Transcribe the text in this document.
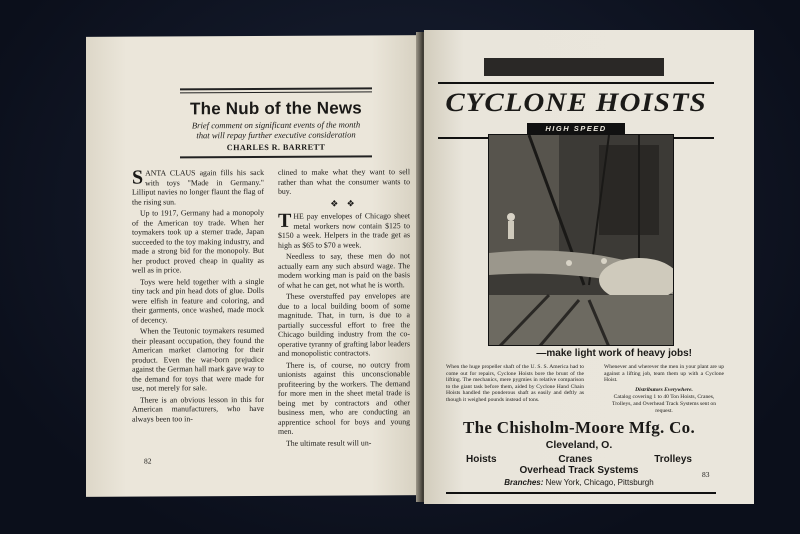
The Nub of the News
Brief comment on significant events of the month
that will repay further executive consideration
CHARLES R. BARRETT

SANTA CLAUS again fills his sack with toys "Made in Germany." Lilliput navies no longer flaunt the flag of the rising sun.

Up to 1917, Germany had a monopoly of the American toy trade. When her toymakers took up a sterner trade, Japan succeeded to the toy making industry, and made a strong bid for the monopoly. But her product proved cheap in quality as well as in price.

Toys were held together with a single tiny tack and pin head dots of glue. Dolls were elfish in feature and coloring, and their garments, once washed, made mock of decency.

When the Teutonic toymakers resumed their pleasant occupation, they found the American market clamoring for their product. Even the war-born prejudice against the German hall mark gave way to the demand for toys that were made for use, not merely for sale.

There is an obvious lesson in this for American manufacturers, who have always been too in-

clined to make what they want to sell rather than what the consumer wants to buy.

❖ ❖

THE pay envelopes of Chicago sheet metal workers now contain $125 to $150 a week. Helpers in the trade get as high as $65 to $70 a week.

Needless to say, these men do not actually earn any such absurd wage. The modern working man is paid on the basis of what he can get, not what he is worth.

These overstuffed pay envelopes are due to a local building boom of some magnitude. That, in turn, is due to a partially successful effort to free the Chicago building industry from the co-operative tyranny of grafting labor leaders and monopolistic contractors.

There is, of course, no outcry from unionists against this unconscionable profiteering by the workers. The demand for more men in the sheet metal trade is being met by contractors and other business men, who are conducting an apprentice school for boys and young men.

The ultimate result will un-

82
CYCLONE HOISTS
HIGH SPEED
—make light work of heavy jobs!
When the huge propeller shaft of the U. S. S. America had to come out for repairs, Cyclone Hoists bore the brunt of the lifting. The mechanics, mere pygmies in relative comparison to the giant task before them, aided by Cyclone Hand Chain Hoists handled the ponderous shaft as easily and deftly as though it weighed pounds instead of tons.
Whenever and wherever the men in your plant are up against a lifting job, team them up with a Cyclone Hoist.
Distributors Everywhere.
Catalog covering 1 to 40 Ton Hoists, Cranes, Trolleys, and Overhead Track Systems sent on request.
The Chisholm-Moore Mfg. Co.
Cleveland, O.
Hoists	Cranes	Trolleys
Overhead Track Systems
Branches: New York, Chicago, Pittsburgh
83
